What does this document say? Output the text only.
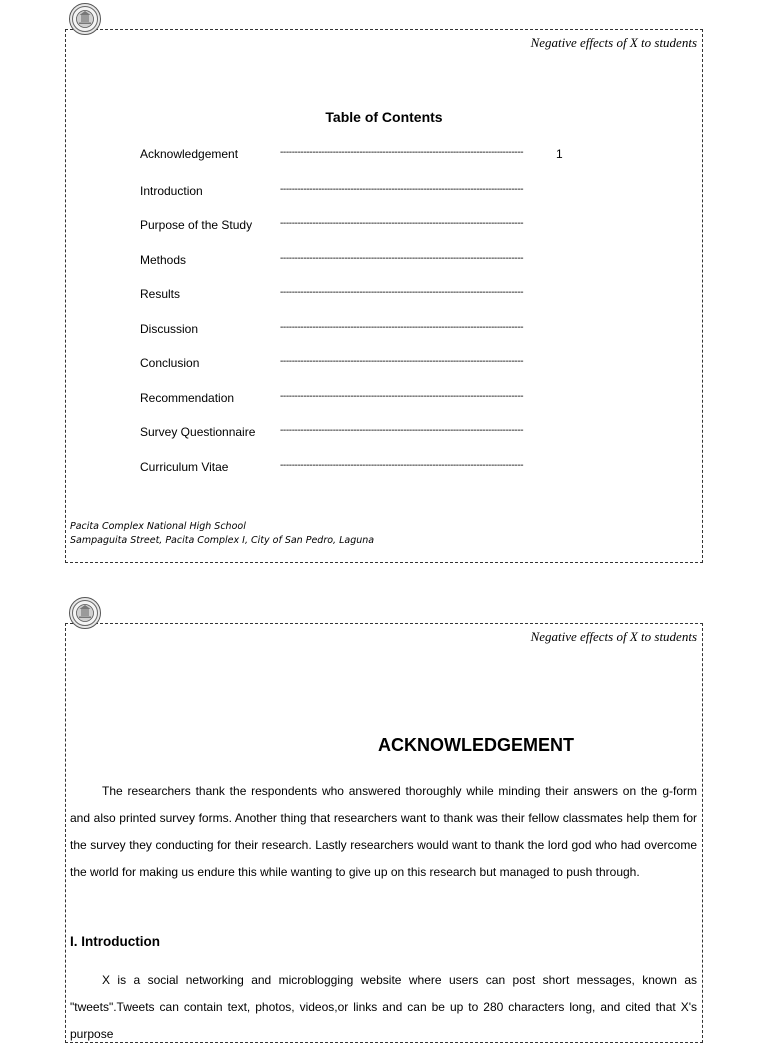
Negative effects of X to students
Table of Contents
Acknowledgement	-----------------------------------------------------------------------------------	1
Introduction	-----------------------------------------------------------------------------------
Purpose of the Study	-----------------------------------------------------------------------------------
Methods	-----------------------------------------------------------------------------------
Results	-----------------------------------------------------------------------------------
Discussion	-----------------------------------------------------------------------------------
Conclusion	-----------------------------------------------------------------------------------
Recommendation	-----------------------------------------------------------------------------------
Survey Questionnaire -----------------------------------------------------------------------------------
Curriculum Vitae	-----------------------------------------------------------------------------------
Pacita Complex National High School
Sampaguita Street, Pacita Complex I, City of San Pedro, Laguna
Negative effects of X to students
ACKNOWLEDGEMENT
The researchers thank the respondents who answered thoroughly while minding their answers on the g-form and also printed survey forms. Another thing that researchers want to thank was their fellow classmates help them for the survey they conducting for their research. Lastly researchers would want to thank the lord god who had overcome the world for making us endure this while wanting to give up on this research but managed to push through.
I. Introduction
X is a social networking and microblogging website where users can post short messages, known as "tweets".Tweets can contain text, photos, videos,or links and can be up to 280 characters long, and cited that X's purpose
